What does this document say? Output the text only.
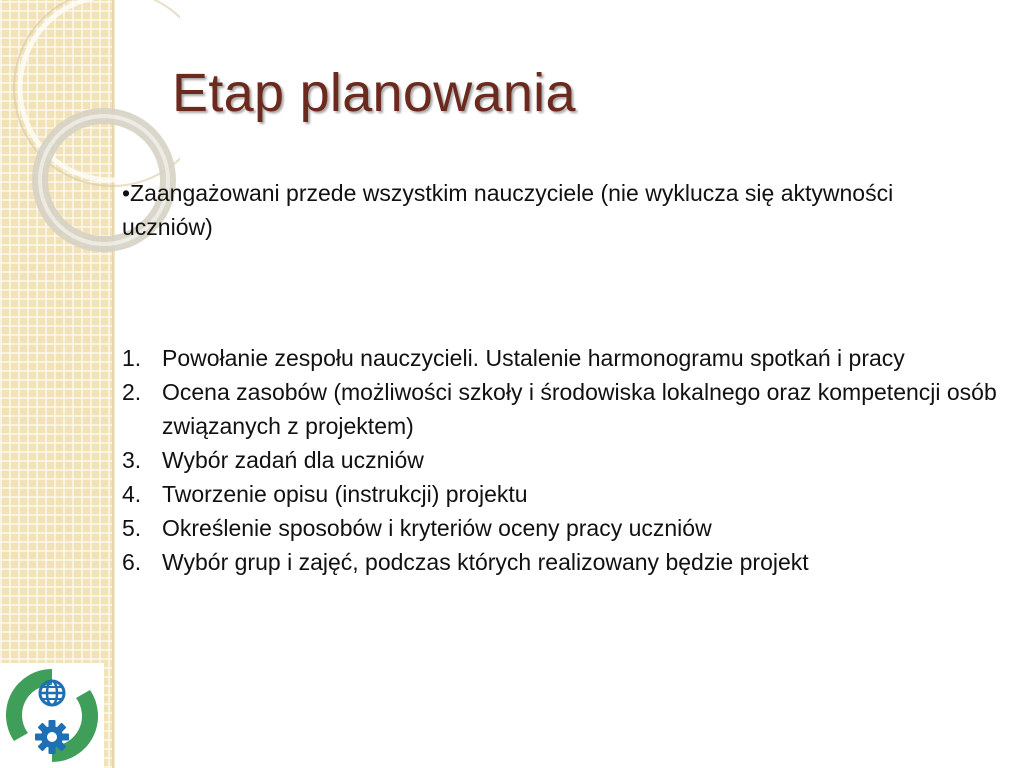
Etap planowania

•Zaangażowani przede wszystkim nauczyciele (nie wyklucza się aktywności uczniów)

1. Powołanie zespołu nauczycieli. Ustalenie harmonogramu spotkań i pracy
2. Ocena zasobów (możliwości szkoły i środowiska lokalnego oraz kompetencji osób związanych z projektem)
3. Wybór zadań dla uczniów
4. Tworzenie opisu (instrukcji) projektu
5. Określenie sposobów i kryteriów oceny pracy uczniów
6. Wybór grup i zajęć, podczas których realizowany będzie projekt
